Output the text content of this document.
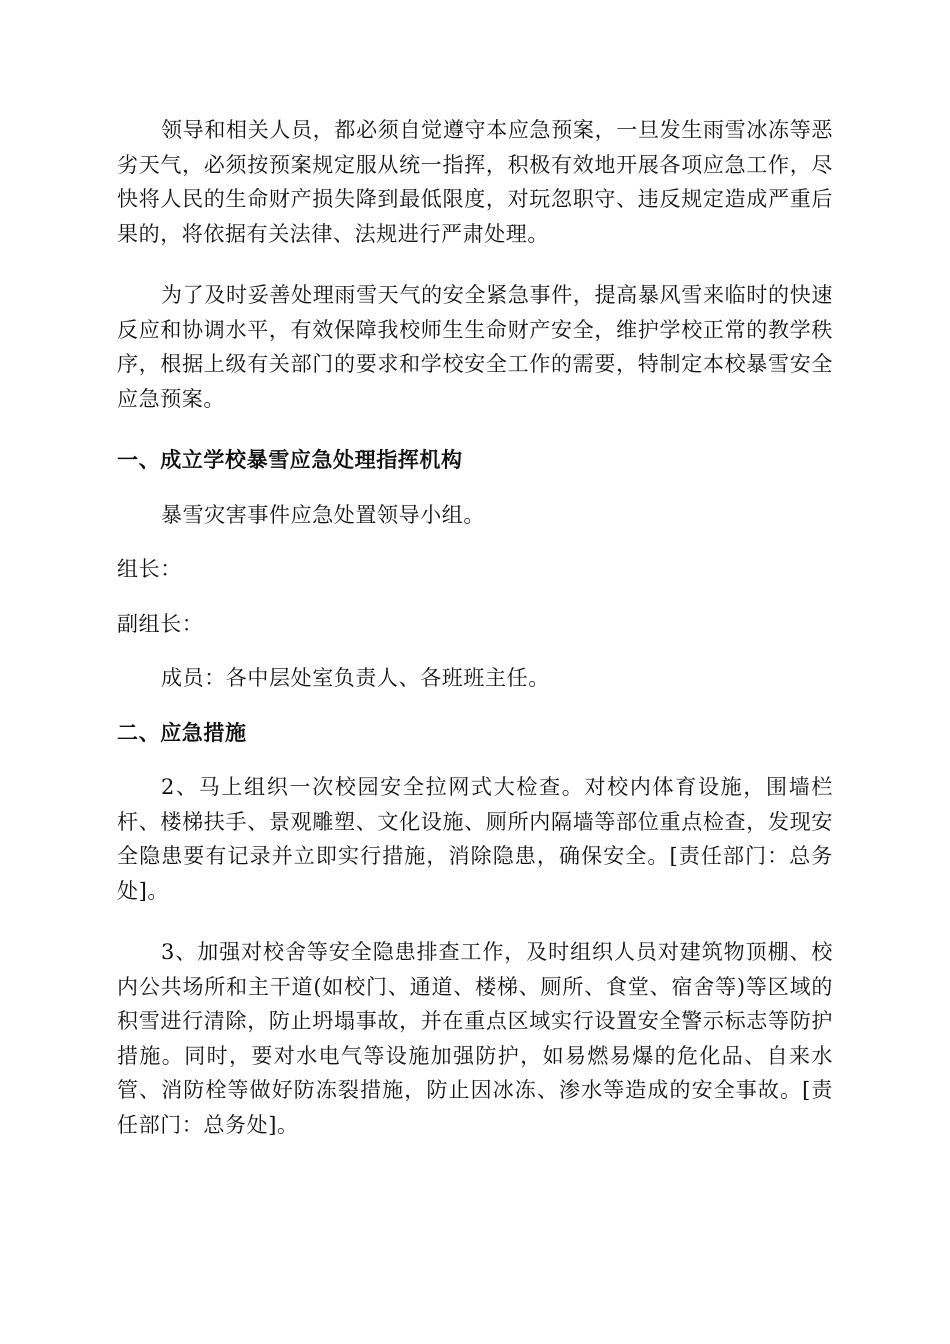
领导和相关人员，都必须自觉遵守本应急预案，一旦发生雨雪冰冻等恶劣天气，必须按预案规定服从统一指挥，积极有效地开展各项应急工作，尽快将人民的生命财产损失降到最低限度，对玩忽职守、违反规定造成严重后果的，将依据有关法律、法规进行严肃处理。

为了及时妥善处理雨雪天气的安全紧急事件，提高暴风雪来临时的快速反应和协调水平，有效保障我校师生生命财产安全，维护学校正常的教学秩序，根据上级有关部门的要求和学校安全工作的需要，特制定本校暴雪安全应急预案。

一、成立学校暴雪应急处理指挥机构

暴雪灾害事件应急处置领导小组。

组长：

副组长：

成员：各中层处室负责人、各班班主任。

二、应急措施

2、马上组织一次校园安全拉网式大检查。对校内体育设施，围墙栏杆、楼梯扶手、景观雕塑、文化设施、厕所内隔墙等部位重点检查，发现安全隐患要有记录并立即实行措施，消除隐患，确保安全。[责任部门：总务处]。

3、加强对校舍等安全隐患排查工作，及时组织人员对建筑物顶棚、校内公共场所和主干道(如校门、通道、楼梯、厕所、食堂、宿舍等)等区域的积雪进行清除，防止坍塌事故，并在重点区域实行设置安全警示标志等防护措施。同时，要对水电气等设施加强防护，如易燃易爆的危化品、自来水管、消防栓等做好防冻裂措施，防止因冰冻、渗水等造成的安全事故。[责任部门：总务处]。
